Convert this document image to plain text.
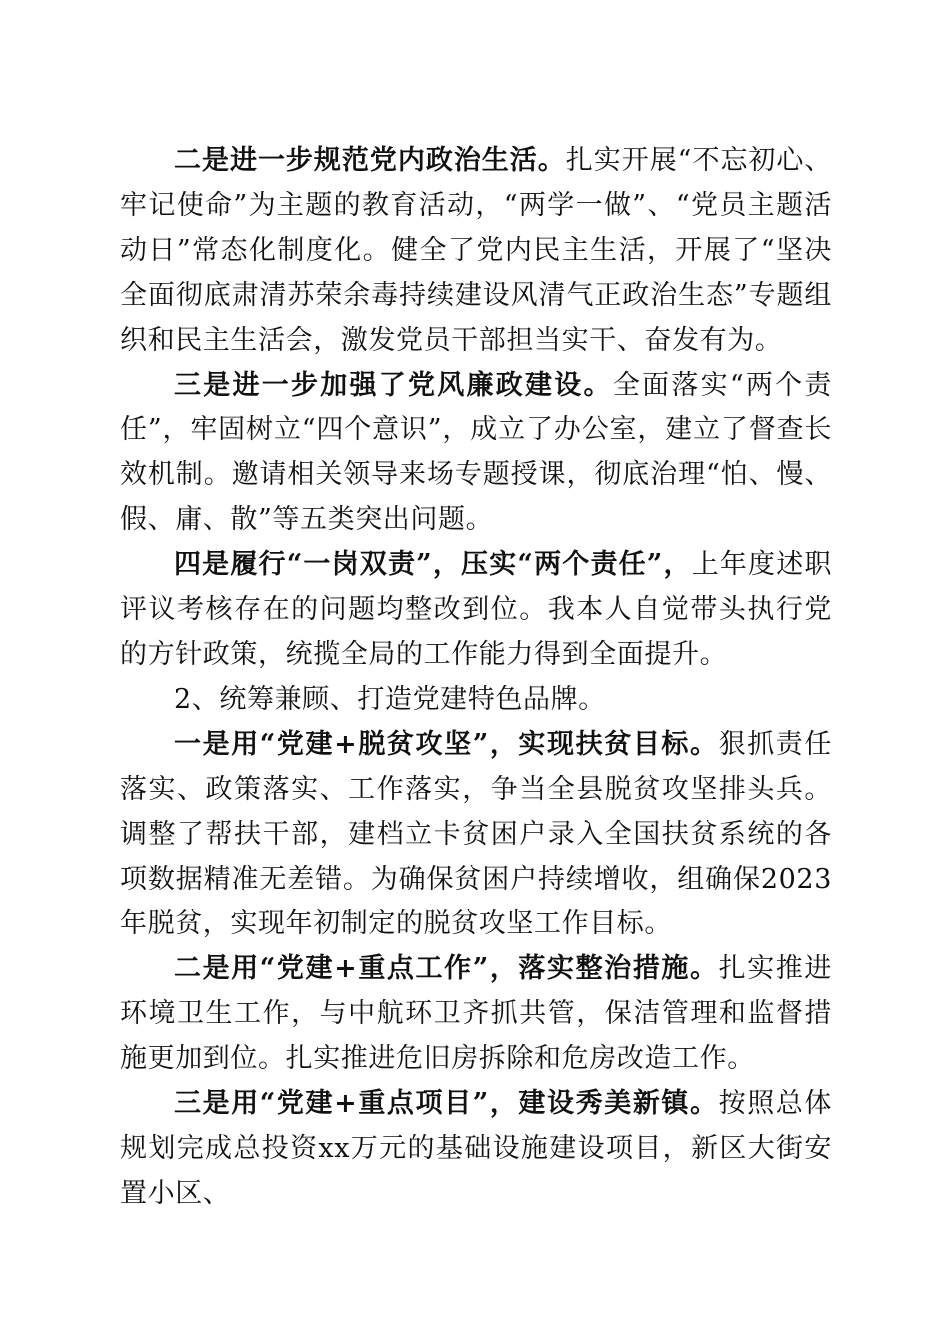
二是进一步规范党内政治生活。扎实开展“不忘初心、牢记使命”为主题的教育活动，“两学一做”、“党员主题活动日”常态化制度化。健全了党内民主生活，开展了“坚决全面彻底肃清苏荣余毒持续建设风清气正政治生态”专题组织和民主生活会，激发党员干部担当实干、奋发有为。

三是进一步加强了党风廉政建设。全面落实“两个责任”，牢固树立“四个意识”，成立了办公室，建立了督查长效机制。邀请相关领导来场专题授课，彻底治理“怕、慢、假、庸、散”等五类突出问题。

四是履行“一岗双责”，压实“两个责任”，上年度述职评议考核存在的问题均整改到位。我本人自觉带头执行党的方针政策，统揽全局的工作能力得到全面提升。

2、统筹兼顾、打造党建特色品牌。

一是用“党建+脱贫攻坚”，实现扶贫目标。狠抓责任落实、政策落实、工作落实，争当全县脱贫攻坚排头兵。调整了帮扶干部，建档立卡贫困户录入全国扶贫系统的各项数据精准无差错。为确保贫困户持续增收，组确保2023年脱贫，实现年初制定的脱贫攻坚工作目标。

二是用“党建+重点工作”，落实整治措施。扎实推进环境卫生工作，与中航环卫齐抓共管，保洁管理和监督措施更加到位。扎实推进危旧房拆除和危房改造工作。

三是用“党建+重点项目”，建设秀美新镇。按照总体规划完成总投资xx万元的基础设施建设项目，新区大街安置小区、
